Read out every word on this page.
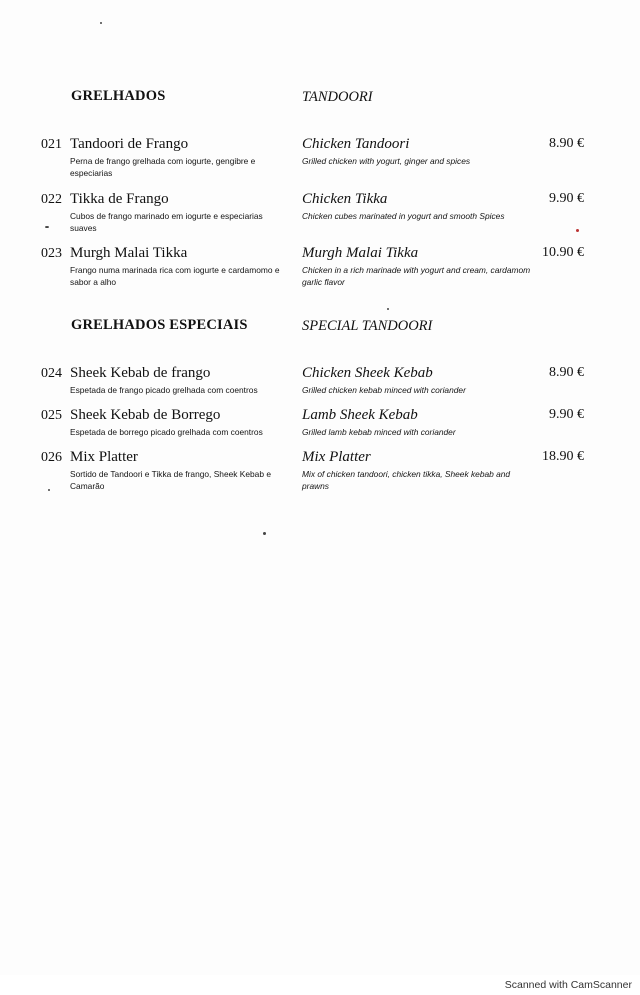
GRELHADOS	TANDOORI
021 Tandoori de Frango
Perna de frango grelhada com iogurte, gengibre e especiarias
Chicken Tandoori
Grilled chicken with yogurt, ginger and spices
8.90 €
022 Tikka de Frango
Cubos de frango marinado em iogurte e especiarias suaves
Chicken Tikka
Chicken cubes marinated in yogurt and smooth Spices
9.90 €
023 Murgh Malai Tikka
Frango numa marinada rica com iogurte e cardamomo e sabor a alho
Murgh Malai Tikka
Chicken in a rich marinade with yogurt and cream, cardamom garlic flavor
10.90 €
GRELHADOS ESPECIAIS	SPECIAL TANDOORI
024 Sheek Kebab de frango
Espetada de frango picado grelhada com coentros
Chicken Sheek Kebab
Grilled chicken kebab minced with coriander
8.90 €
025 Sheek Kebab de Borrego
Espetada de borrego picado grelhada com coentros
Lamb Sheek Kebab
Grilled lamb kebab minced with coriander
9.90 €
026 Mix Platter
Sortido de Tandoori e Tikka de frango, Sheek Kebab e Camarão
Mix Platter
Mix of chicken tandoori, chicken tikka, Sheek kebab and prawns
18.90 €
Scanned with CamScanner
